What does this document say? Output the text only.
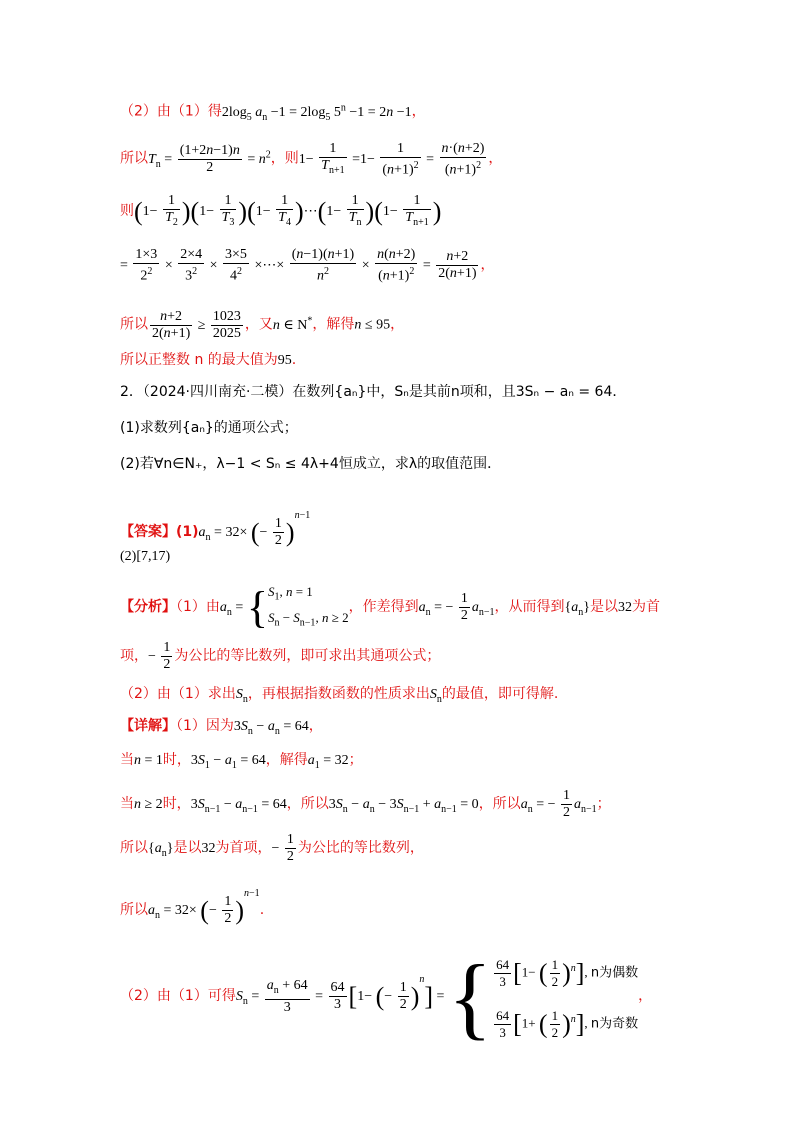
（2）由（1）得$2\log_5$ $a_n -1 = 2\log_5$ $5^n -1 = 2n -1$，
所以$T_n = \frac{(1+2n-1)n}{2} = n^2$，则$1- \frac{1}{T_{n+1}} =1- \frac{1}{(n+1)^2} = \frac{n\cdot(n+2)}{(n+1)^2}$ ，
则$(1- \frac{1}{T_2} )(1- \frac{1}{T_3} )(1- \frac{1}{T_4}$ )⋯(1− $\frac{1}{T_n} )(1- \frac{1}{T_{n+1}}$ )
= $\frac{1\times 3}{2^2} \times \frac{2\times 4}{3^2} \times \frac{3\times 5}{4^2}$ ×⋯× $\frac{(n-1)(n+1)}{n^2} \times \frac{n(n+2)}{(n+1)^2} = \frac{n+2}{2(n+1)}$ ，
所以 $\frac{n+2}{2(n+1)} \ge \frac{1023}{2025}$ ，又n ∈ N*，解得n ≤ 95，
所以正整数 n 的最大值为95.
2．（2024·四川南充·二模）在数列{aₙ}中，Sₙ是其前n项和，且3Sₙ − aₙ = 64．
(1)求数列{aₙ}的通项公式；
(2)若∀n∈N₊，λ−1 < Sₙ ≤ 4λ+4恒成立，求λ的取值范围．
【答案】$(1)a_n = 32\times$ (− $\frac{1}{2} )^{n-1}$
(2)[7,17)
【分析】（1）由$a_n = \{S_1$, n = 1
$S_n - S_{n-1}$, n ≥ 2，作差得到$a_n$ = − $\frac{1}{2} a_{n-1}$，从而得到$\{a_n\}$是以32为首
项，− $\frac{1}{2}$ 为公比的等比数列，即可求出其通项公式；
（2）由（1）求出$S_n$，再根据指数函数的性质求出$S_n$的最值，即可得解.
【详解】（1）因为$3S_n - a_n = 64$，
当n = 1时，$3S_1 - a_1 = 64$，解得$a_1 = 32$；
当n ≥ 2时，$3S_{n-1} - a_{n-1} = 64$，所以$3S_n - a_n - 3S_{n-1} + a_{n-1} = 0$，所以$a_n$ = − $\frac{1}{2} a_{n-1}$；
所以$\{a_n\}$是以32为首项，− $\frac{1}{2}$ 为公比的等比数列，
所以$a_n = 32\times$ (− $\frac{1}{2} )^{n-1}$.
（2）由（1）可得$S_n = \frac{a_n + 64}{3} = \frac{64}{3} [1-$ (− $\frac{1}{2} )^n$] = { $\frac{64}{3} [1-$ ( $\frac{1}{2} )^n$], n为偶数

$\frac{64}{3} [1+$ ( $\frac{1}{2} )^n$], n为奇数，
